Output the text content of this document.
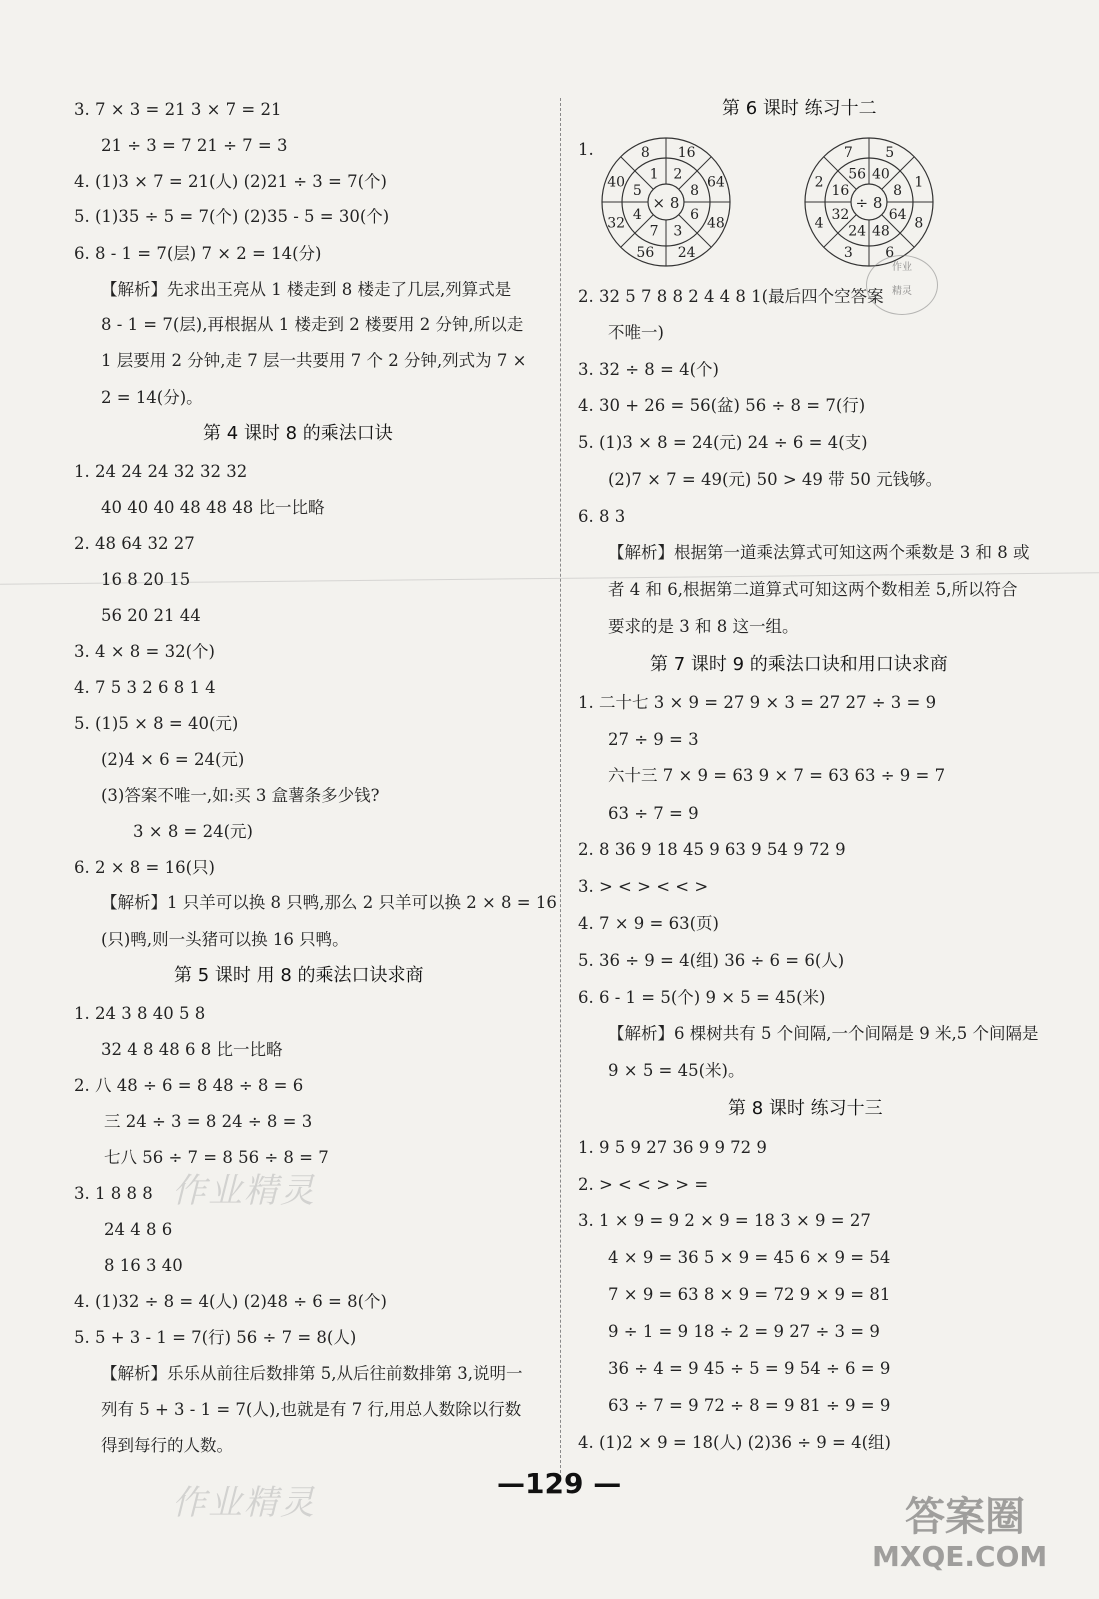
3. 7 × 3 = 21 3 × 7 = 21
21 ÷ 3 = 7 21 ÷ 7 = 3
4. (1)3 × 7 = 21(人) (2)21 ÷ 3 = 7(个)
5. (1)35 ÷ 5 = 7(个) (2)35 - 5 = 30(个)
6. 8 - 1 = 7(层) 7 × 2 = 14(分)
【解析】先求出王亮从 1 楼走到 8 楼走了几层,列算式是
8 - 1 = 7(层),再根据从 1 楼走到 2 楼要用 2 分钟,所以走
1 层要用 2 分钟,走 7 层一共要用 7 个 2 分钟,列式为 7 ×
2 = 14(分)。
第 4 课时 8 的乘法口诀
1. 24 24 24 32 32 32
40 40 40 48 48 48 比一比略
2. 48 64 32 27
16 8 20 15
56 20 21 44
3. 4 × 8 = 32(个)
4. 7 5 3 2 6 8 1 4
5. (1)5 × 8 = 40(元)
(2)4 × 6 = 24(元)
(3)答案不唯一,如:买 3 盒薯条多少钱?
3 × 8 = 24(元)
6. 2 × 8 = 16(只)
【解析】1 只羊可以换 8 只鸭,那么 2 只羊可以换 2 × 8 = 16
(只)鸭,则一头猪可以换 16 只鸭。
第 5 课时 用 8 的乘法口诀求商
1. 24 3 8 40 5 8
32 4 8 48 6 8 比一比略
2. 八 48 ÷ 6 = 8 48 ÷ 8 = 6
三 24 ÷ 3 = 8 24 ÷ 8 = 3
七八 56 ÷ 7 = 8 56 ÷ 8 = 7
3. 1 8 8 8
24 4 8 6
8 16 3 40
4. (1)32 ÷ 8 = 4(人) (2)48 ÷ 6 = 8(个)
5. 5 + 3 - 1 = 7(行) 56 ÷ 7 = 8(人)
【解析】乐乐从前往后数排第 5,从后往前数排第 3,说明一
列有 5 + 3 - 1 = 7(人),也就是有 7 行,用总人数除以行数
得到每行的人数。
第 6 课时 练习十二
1.
2
16
8
64
6
48
3
24
7
56
4
32
5
40 1
8
× 8
40
5
8
1
64
8
48
6
24
3
32
4
16
2 56
7
÷ 8
作业
精灵
2. 32 5 7 8 8 2 4 4 8 1(最后四个空答案
不唯一)
3. 32 ÷ 8 = 4(个)
4. 30 + 26 = 56(盆) 56 ÷ 8 = 7(行)
5. (1)3 × 8 = 24(元) 24 ÷ 6 = 4(支)
(2)7 × 7 = 49(元) 50 > 49 带 50 元钱够。
6. 8 3
【解析】根据第一道乘法算式可知这两个乘数是 3 和 8 或
者 4 和 6,根据第二道算式可知这两个数相差 5,所以符合
要求的是 3 和 8 这一组。
第 7 课时 9 的乘法口诀和用口诀求商
1. 二十七 3 × 9 = 27 9 × 3 = 27 27 ÷ 3 = 9
27 ÷ 9 = 3
六十三 7 × 9 = 63 9 × 7 = 63 63 ÷ 9 = 7
63 ÷ 7 = 9
2. 8 36 9 18 45 9 63 9 54 9 72 9
3. > < > < < >
4. 7 × 9 = 63(页)
5. 36 ÷ 9 = 4(组) 36 ÷ 6 = 6(人)
6. 6 - 1 = 5(个) 9 × 5 = 45(米)
【解析】6 棵树共有 5 个间隔,一个间隔是 9 米,5 个间隔是
9 × 5 = 45(米)。
第 8 课时 练习十三
1. 9 5 9 27 36 9 9 72 9
2. > < < > > =
3. 1 × 9 = 9 2 × 9 = 18 3 × 9 = 27
4 × 9 = 36 5 × 9 = 45 6 × 9 = 54
7 × 9 = 63 8 × 9 = 72 9 × 9 = 81
9 ÷ 1 = 9 18 ÷ 2 = 9 27 ÷ 3 = 9
36 ÷ 4 = 9 45 ÷ 5 = 9 54 ÷ 6 = 9
63 ÷ 7 = 9 72 ÷ 8 = 9 81 ÷ 9 = 9
4. (1)2 × 9 = 18(人) (2)36 ÷ 9 = 4(组)
—129 —
作业精灵
作业精灵	答案圈
MXQE.COM
